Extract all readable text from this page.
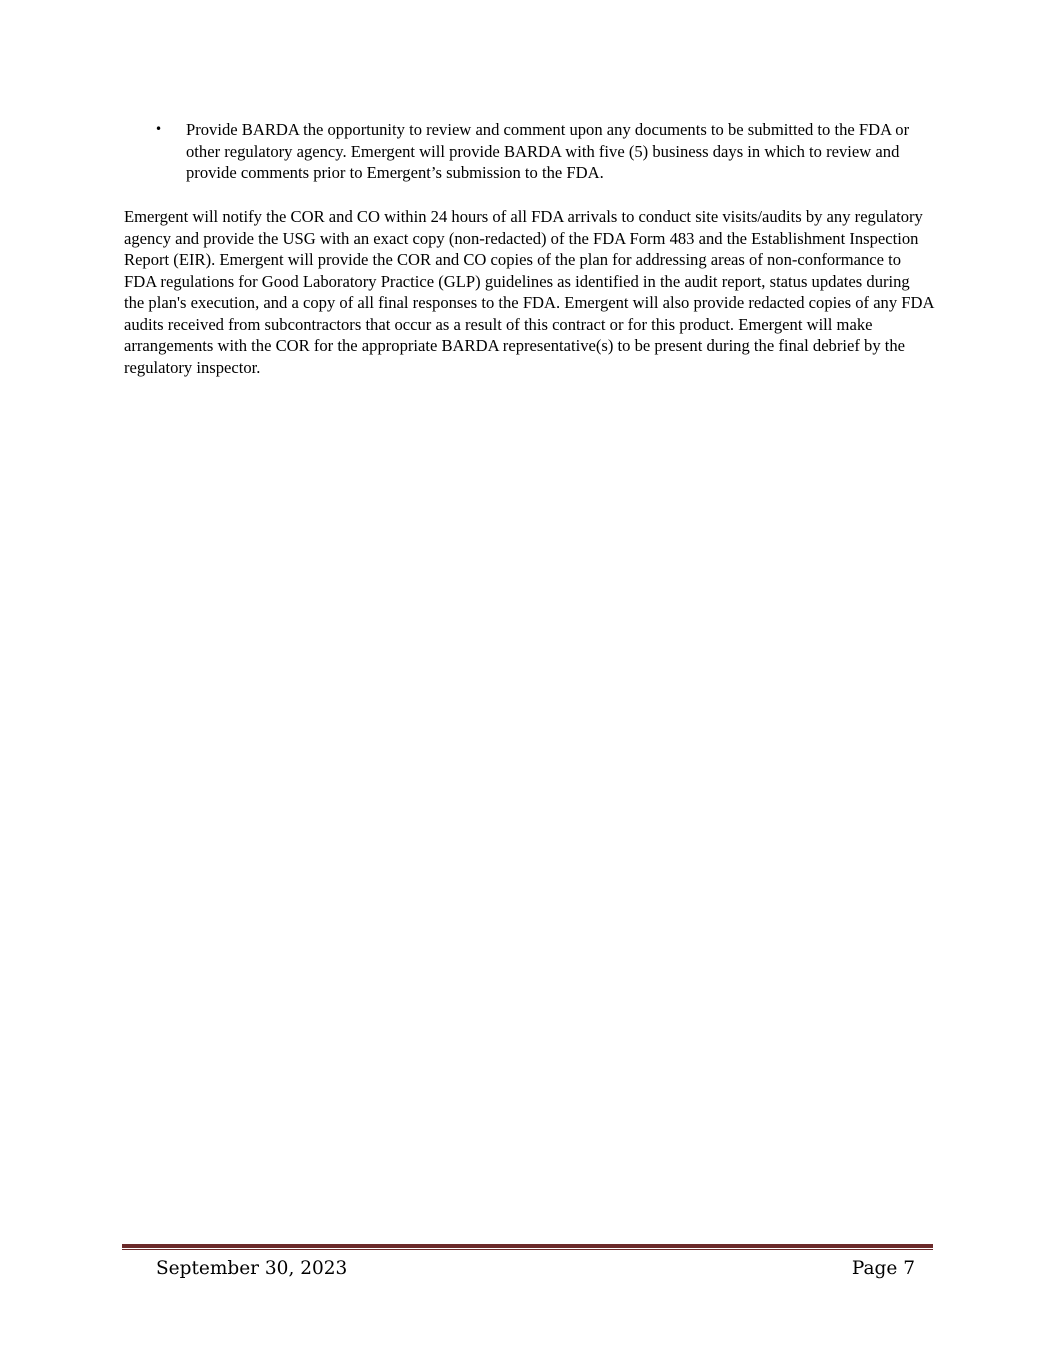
• Provide BARDA the opportunity to review and comment upon any documents to be submitted to the FDA or other regulatory agency. Emergent will provide BARDA with five (5) business days in which to review and provide comments prior to Emergent’s submission to the FDA.

Emergent will notify the COR and CO within 24 hours of all FDA arrivals to conduct site visits/audits by any regulatory agency and provide the USG with an exact copy (non-redacted) of the FDA Form 483 and the Establishment Inspection Report (EIR). Emergent will provide the COR and CO copies of the plan for addressing areas of non-conformance to FDA regulations for Good Laboratory Practice (GLP) guidelines as identified in the audit report, status updates during the plan's execution, and a copy of all final responses to the FDA. Emergent will also provide redacted copies of any FDA audits received from subcontractors that occur as a result of this contract or for this product. Emergent will make arrangements with the COR for the appropriate BARDA representative(s) to be present during the final debrief by the regulatory inspector.

September 30, 2023	Page 7
